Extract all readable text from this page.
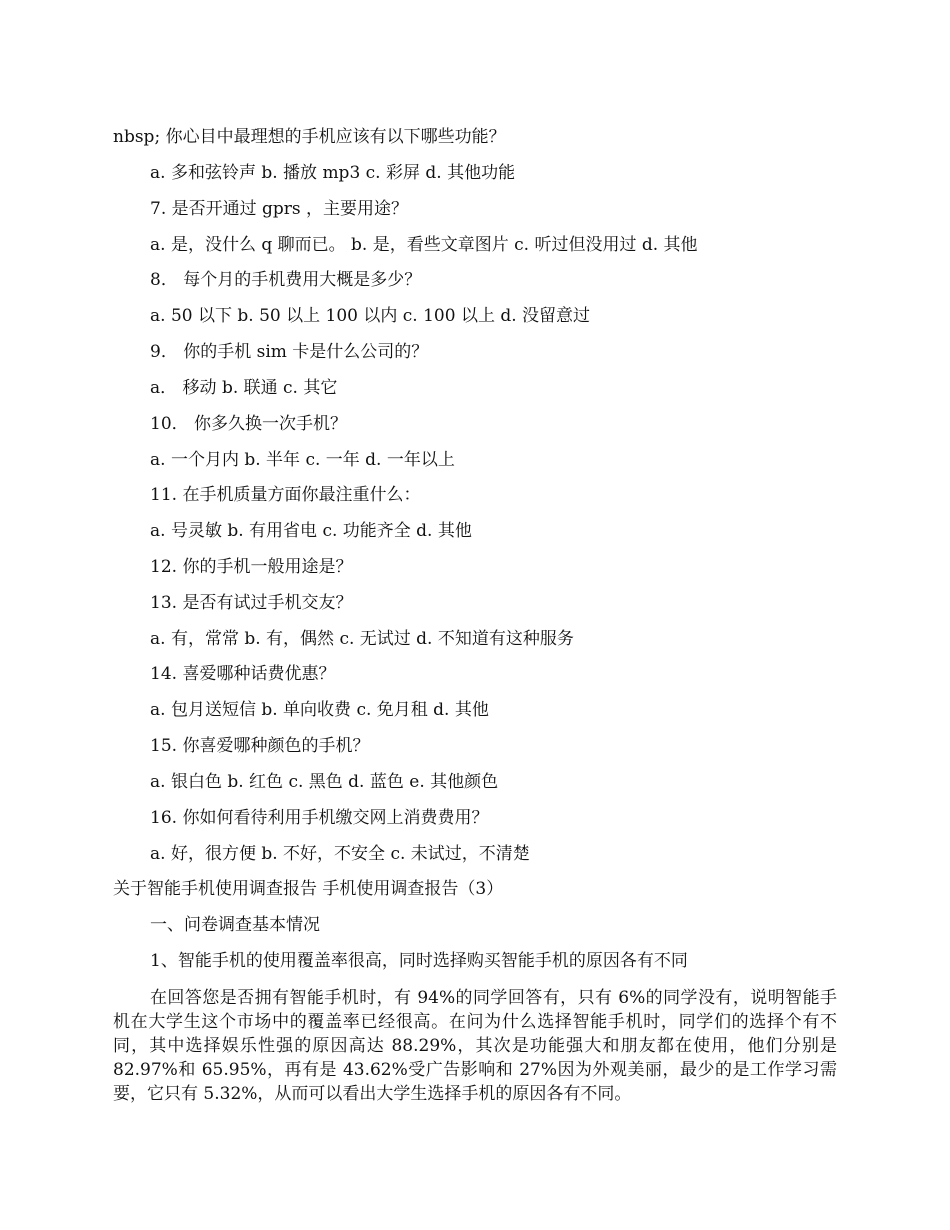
nbsp; 你心目中最理想的手机应该有以下哪些功能？
a. 多和弦铃声 b. 播放 mp3 c. 彩屏 d. 其他功能
7. 是否开通过 gprs ，主要用途？
a. 是，没什么 q 聊而已。 b. 是，看些文章图片 c. 听过但没用过 d. 其他
8． 每个月的手机费用大概是多少？
a. 50 以下 b. 50 以上 100 以内 c. 100 以上 d. 没留意过
9． 你的手机 sim 卡是什么公司的？
a． 移动 b. 联通 c. 其它
10． 你多久换一次手机？
a. 一个月内 b. 半年 c. 一年 d. 一年以上
11. 在手机质量方面你最注重什么：
a. 号灵敏 b. 有用省电 c. 功能齐全 d. 其他
12. 你的手机一般用途是？
13. 是否有试过手机交友？
a. 有，常常 b. 有，偶然 c. 无试过 d. 不知道有这种服务
14. 喜爱哪种话费优惠？
a. 包月送短信 b. 单向收费 c. 免月租 d. 其他
15. 你喜爱哪种颜色的手机？
a. 银白色 b. 红色 c. 黑色 d. 蓝色 e. 其他颜色
16. 你如何看待利用手机缴交网上消费费用？
a. 好，很方便 b. 不好，不安全 c. 未试过，不清楚
关于智能手机使用调查报告 手机使用调查报告（3）
一、问卷调查基本情况
1、智能手机的使用覆盖率很高，同时选择购买智能手机的原因各有不同
在回答您是否拥有智能手机时，有 94%的同学回答有，只有 6%的同学没有，说明智能手机在大学生这个市场中的覆盖率已经很高。在问为什么选择智能手机时，同学们的选择个有不同，其中选择娱乐性强的原因高达 88.29%，其次是功能强大和朋友都在使用，他们分别是 82.97%和 65.95%，再有是 43.62%受广告影响和 27%因为外观美丽，最少的是工作学习需要，它只有 5.32%，从而可以看出大学生选择手机的原因各有不同。
